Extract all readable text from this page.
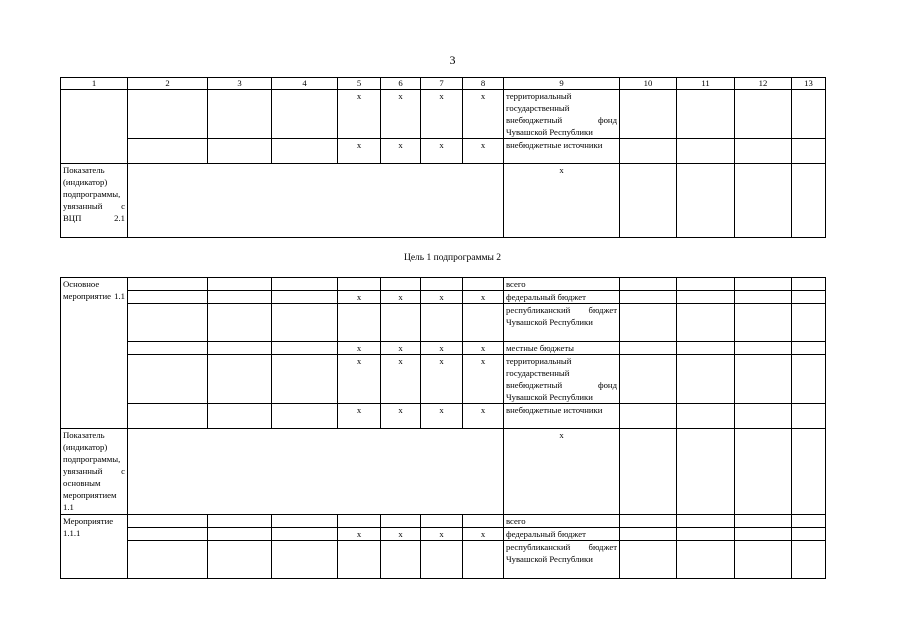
3
1	2	3	4	5	6	7	8	9	10	11	12	13
				x	x	x	x	территориальный государственный внебюджетный фонд Чувашской Республики				
				x	x	x	x	внебюджетные источники				
Показатель (индикатор) подпрограммы, увязанный с ВЦП 2.1								x				
Цель 1 подпрограммы 2
Основное мероприятие 1.1								всего				
				x	x	x	x	федеральный бюджет				
								республиканский бюджет Чувашской Республики				
				x	x	x	x	местные бюджеты				
				x	x	x	x	территориальный государственный внебюджетный фонд Чувашской Республики				
				x	x	x	x	внебюджетные источники				
Показатель (индикатор) подпрограммы, увязанный с основным мероприятием 1.1								x				
Мероприятие 1.1.1								всего				
				x	x	x	x	федеральный бюджет				
								республиканский бюджет Чувашской Республики				
